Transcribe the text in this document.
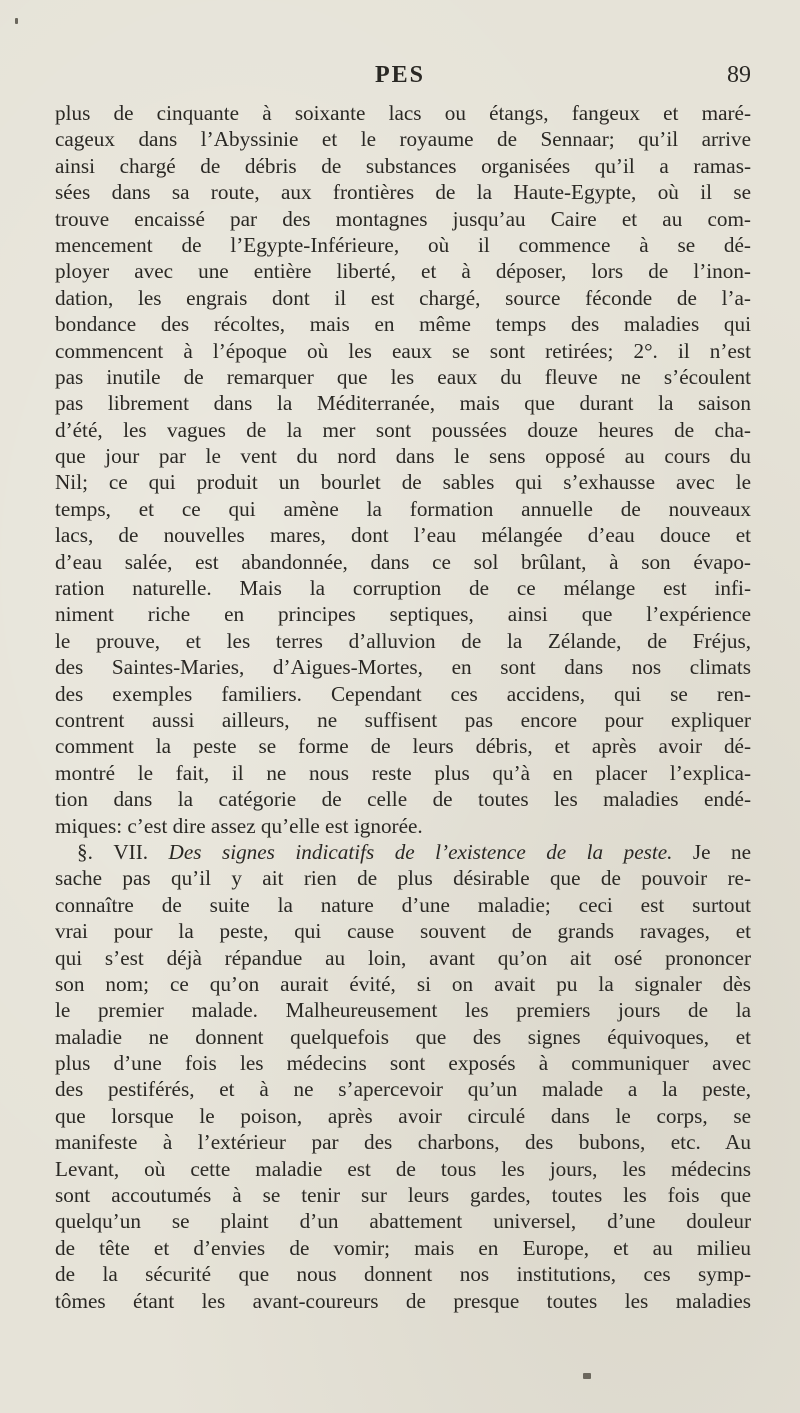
PES	89
plus de cinquante à soixante lacs ou étangs, fangeux et maré-
cageux dans l’Abyssinie et le royaume de Sennaar; qu’il arrive
ainsi chargé de débris de substances organisées qu’il a ramas-
sées dans sa route, aux frontières de la Haute-Egypte, où il se
trouve encaissé par des montagnes jusqu’au Caire et au com-
mencement de l’Egypte-Inférieure, où il commence à se dé-
ployer avec une entière liberté, et à déposer, lors de l’inon-
dation, les engrais dont il est chargé, source féconde de l’a-
bondance des récoltes, mais en même temps des maladies qui
commencent à l’époque où les eaux se sont retirées; 2°. il n’est
pas inutile de remarquer que les eaux du fleuve ne s’écoulent
pas librement dans la Méditerranée, mais que durant la saison
d’été, les vagues de la mer sont poussées douze heures de cha-
que jour par le vent du nord dans le sens opposé au cours du
Nil; ce qui produit un bourlet de sables qui s’exhausse avec le
temps, et ce qui amène la formation annuelle de nouveaux
lacs, de nouvelles mares, dont l’eau mélangée d’eau douce et
d’eau salée, est abandonnée, dans ce sol brûlant, à son évapo-
ration naturelle. Mais la corruption de ce mélange est infi-
niment riche en principes septiques, ainsi que l’expérience
le prouve, et les terres d’alluvion de la Zélande, de Fréjus,
des Saintes-Maries, d’Aigues-Mortes, en sont dans nos climats
des exemples familiers. Cependant ces accidens, qui se ren-
contrent aussi ailleurs, ne suffisent pas encore pour expliquer
comment la peste se forme de leurs débris, et après avoir dé-
montré le fait, il ne nous reste plus qu’à en placer l’explica-
tion dans la catégorie de celle de toutes les maladies endé-
miques: c’est dire assez qu’elle est ignorée.
§. VII. Des signes indicatifs de l’existence de la peste. Je ne
sache pas qu’il y ait rien de plus désirable que de pouvoir re-
connaître de suite la nature d’une maladie; ceci est surtout
vrai pour la peste, qui cause souvent de grands ravages, et
qui s’est déjà répandue au loin, avant qu’on ait osé prononcer
son nom; ce qu’on aurait évité, si on avait pu la signaler dès
le premier malade. Malheureusement les premiers jours de la
maladie ne donnent quelquefois que des signes équivoques, et
plus d’une fois les médecins sont exposés à communiquer avec
des pestiférés, et à ne s’apercevoir qu’un malade a la peste,
que lorsque le poison, après avoir circulé dans le corps, se
manifeste à l’extérieur par des charbons, des bubons, etc. Au
Levant, où cette maladie est de tous les jours, les médecins
sont accoutumés à se tenir sur leurs gardes, toutes les fois que
quelqu’un se plaint d’un abattement universel, d’une douleur
de tête et d’envies de vomir; mais en Europe, et au milieu
de la sécurité que nous donnent nos institutions, ces symp-
tômes étant les avant-coureurs de presque toutes les maladies
